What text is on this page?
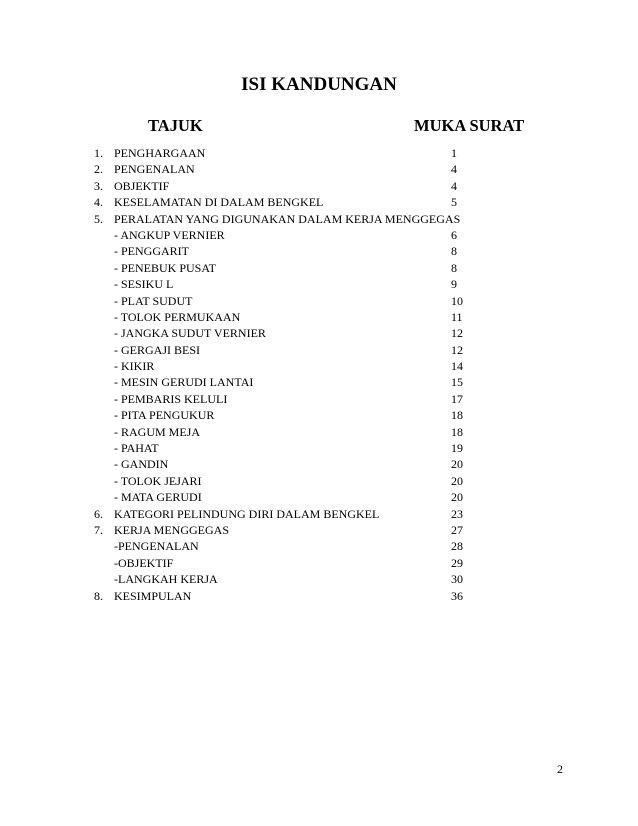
ISI KANDUNGAN
TAJUK	MUKA SURAT
1. PENGHARGAAN	1
2. PENGENALAN	4
3. OBJEKTIF	4
4. KESELAMATAN DI DALAM BENGKEL	5
5. PERALATAN YANG DIGUNAKAN DALAM KERJA MENGGEGAS
- ANGKUP VERNIER	6
- PENGGARIT	8
- PENEBUK PUSAT	8
- SESIKU L	9
- PLAT SUDUT	10
- TOLOK PERMUKAAN	11
- JANGKA SUDUT VERNIER	12
- GERGAJI BESI	12
- KIKIR	14
- MESIN GERUDI LANTAI	15
- PEMBARIS KELULI	17
- PITA PENGUKUR	18
- RAGUM MEJA	18
- PAHAT	19
- GANDIN	20
- TOLOK JEJARI	20
- MATA GERUDI	20
6. KATEGORI PELINDUNG DIRI DALAM BENGKEL	23
7. KERJA MENGGEGAS	27
-PENGENALAN	28
-OBJEKTIF	29
-LANGKAH KERJA	30
8. KESIMPULAN	36
2
